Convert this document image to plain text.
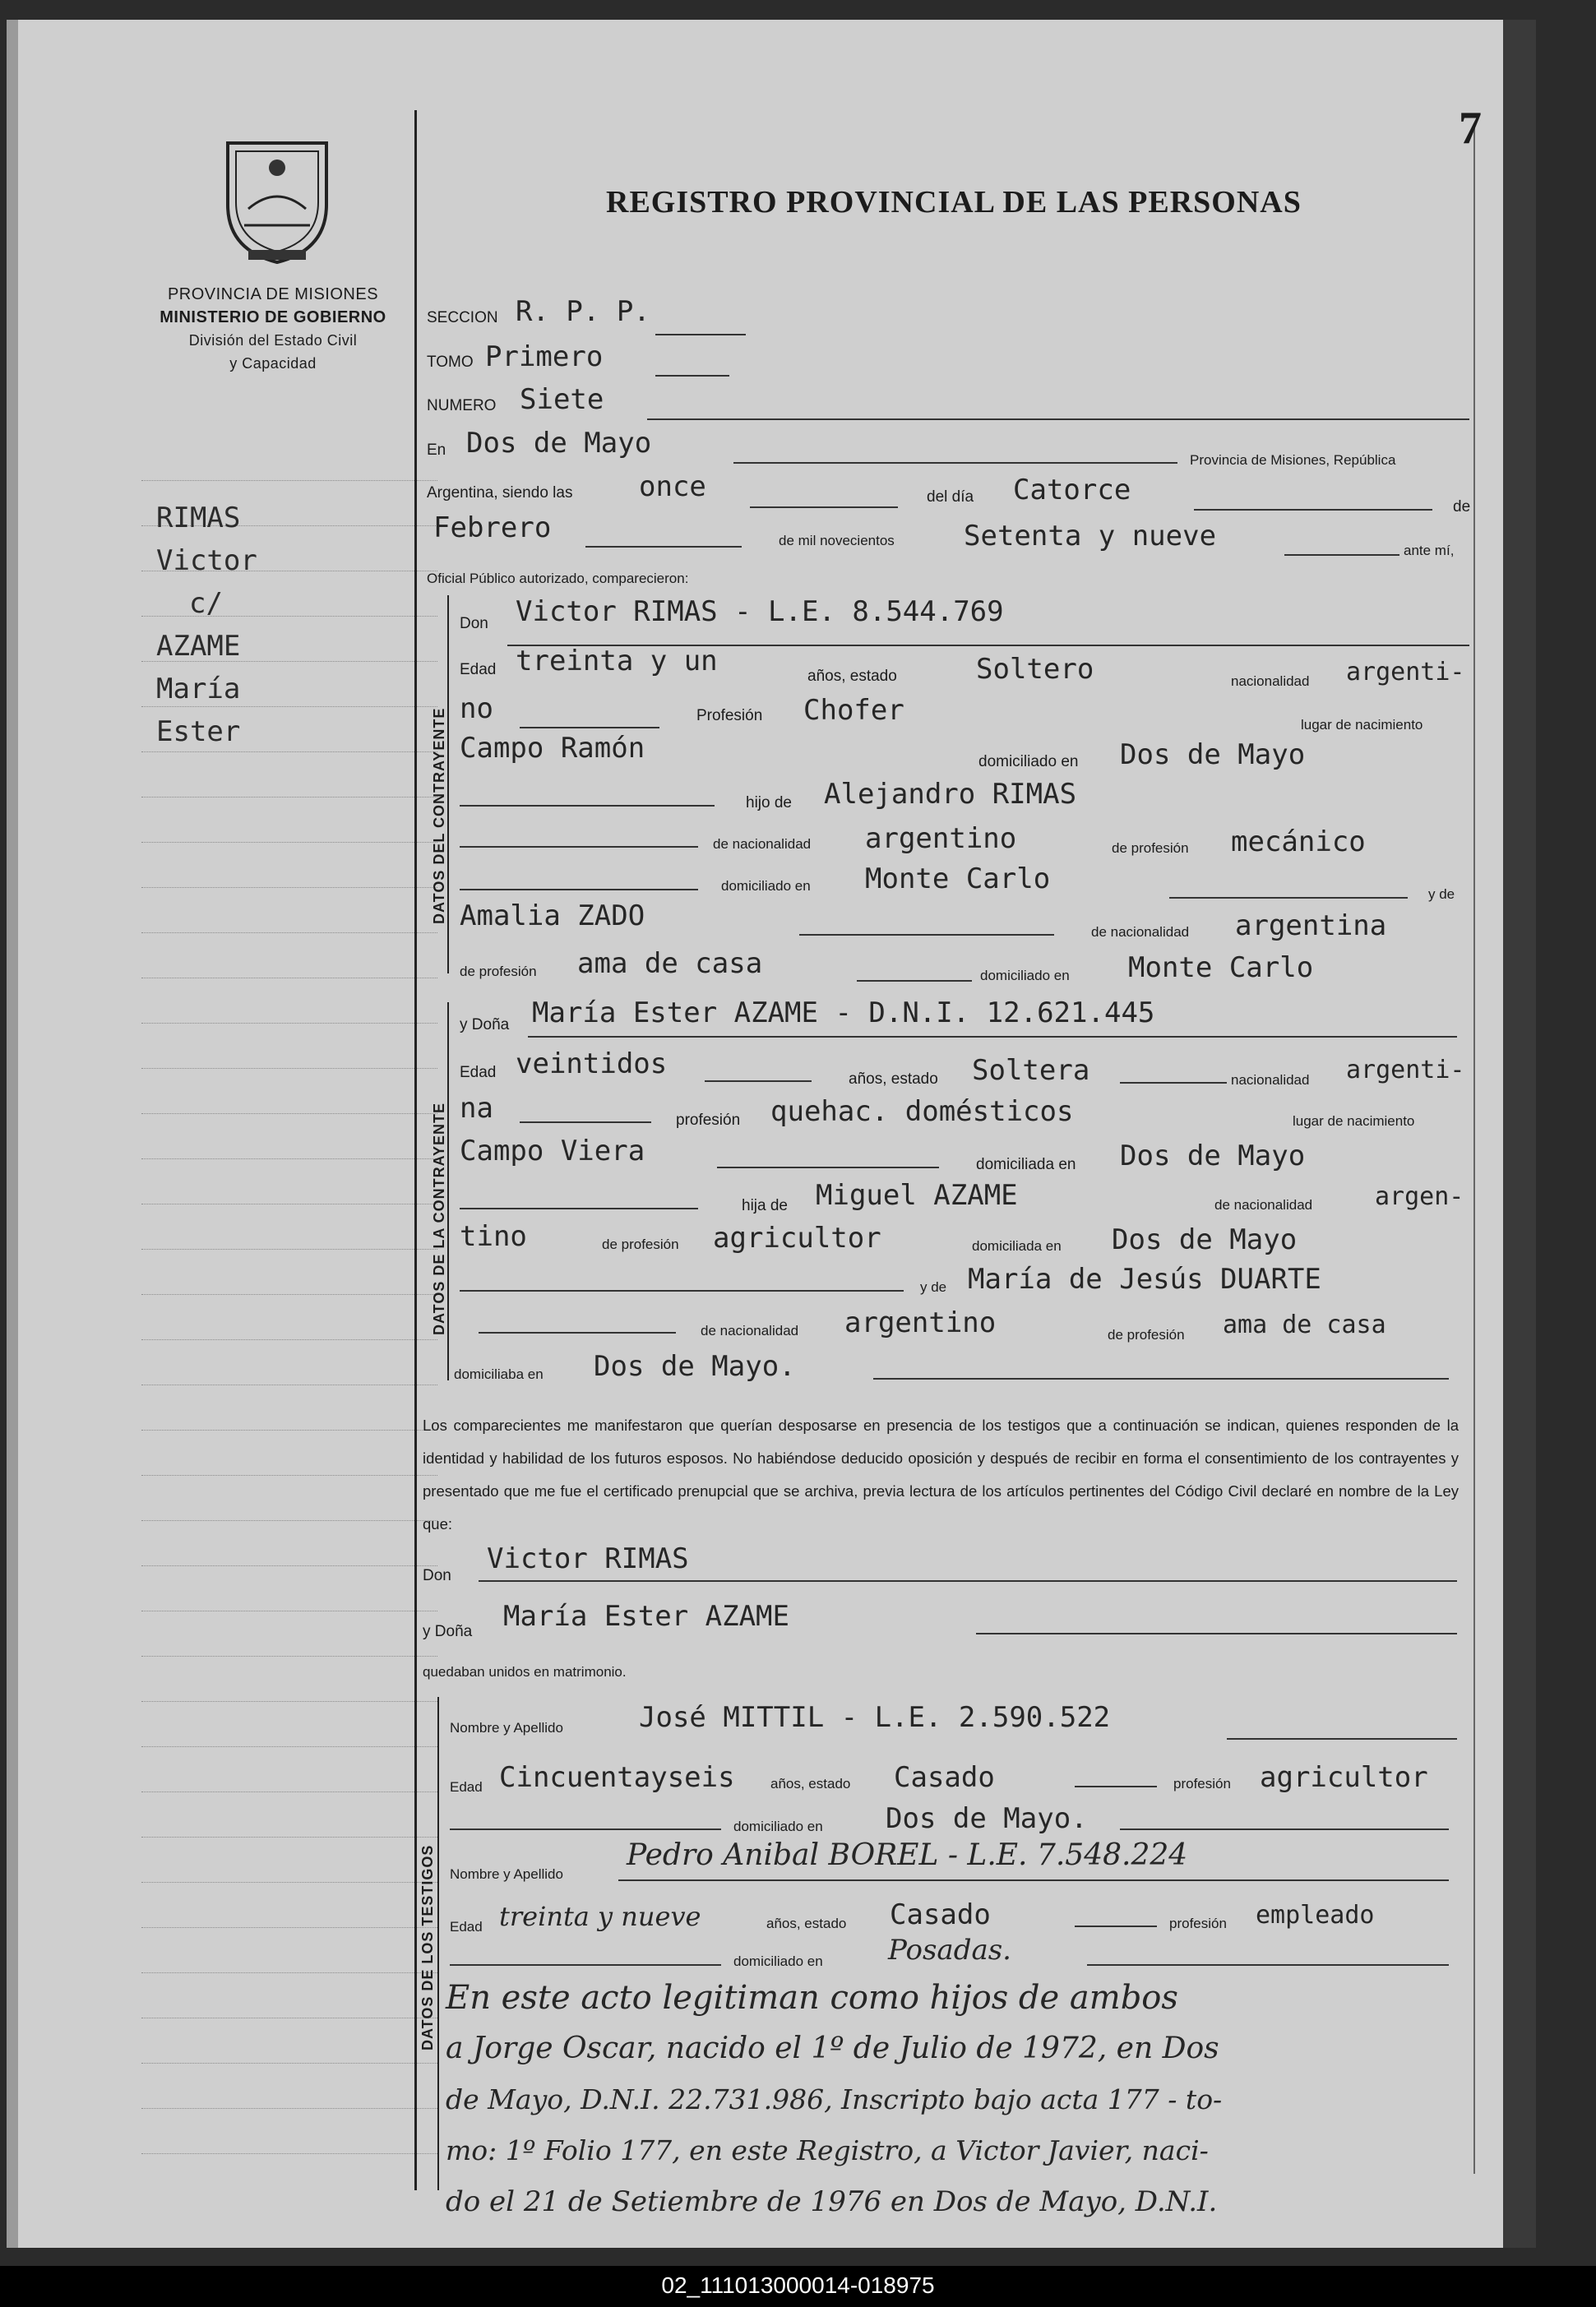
PROVINCIA DE MISIONES
MINISTERIO DE GOBIERNO
División del Estado Civil
y Capacidad
RIMAS
Victor
c/
AZAME
María
Ester
7
REGISTRO PROVINCIAL DE LAS PERSONAS
SECCION R. P. P.
TOMO Primero
NUMERO Siete
En Dos de Mayo
Provincia de Misiones, República
Argentina, siendo las once	del día Catorce
de
Febrero	de mil novecientos Setenta y nueve	ante mí,
Oficial Público autorizado, comparecieron:
DATOS DEL CONTRAYENTE
Don Victor RIMAS - L.E. 8.544.769
Edad treinta y un	años, estado	Soltero	nacionalidad argenti-
no	Profesión Chofer	lugar de nacimiento
Campo Ramón	domiciliado en Dos de Mayo
hijo de Alejandro RIMAS
de nacionalidad argentino	de profesión mecánico
domiciliado en Monte Carlo	y de
Amalia ZADO	de nacionalidad argentina
de profesión ama de casa	domiciliado en Monte Carlo
DATOS DE LA CONTRAYENTE
y Doña María Ester AZAME - D.N.I. 12.621.445
Edad veintidos	años, estado Soltera	nacionalidad argenti-
na	profesión quehac. domésticos	lugar de nacimiento
Campo Viera	domiciliada en Dos de Mayo
hija de Miguel AZAME	de nacionalidad	argen-
tino	de profesión agricultor	domiciliada en Dos de Mayo
y de María de Jesús DUARTE
de nacionalidad argentino	de profesión ama de casa
domiciliaba en Dos de Mayo.
Los comparecientes me manifestaron que querían desposarse en presencia de los testigos que a continuación se indican, quienes responden de la identidad y habilidad de los futuros esposos. No habiéndose deducido oposición y después de recibir en forma el consentimiento de los contrayentes y presentado que me fue el certificado prenupcial que se archiva, previa lectura de los artículos pertinentes del Código Civil declaré en nombre de la Ley que:
Don
Victor RIMAS
y Doña María Ester AZAME
quedaban unidos en matrimonio.
DATOS DE LOS TESTIGOS
Nombre y Apellido	José MITTIL - L.E. 2.590.522
Edad Cincuentayseis	años, estado Casado	profesión agricultor
domiciliado en Dos de Mayo.
Nombre y Apellido
Pedro Anibal BOREL - L.E. 7.548.224
Edad treinta y nueve	años, estado Casado	profesión empleado
domiciliado en Posadas.
En este acto legitiman como hijos de ambos
a Jorge Oscar, nacido el 1º de Julio de 1972, en Dos
de Mayo, D.N.I. 22.731.986, Inscripto bajo acta 177 - to-
mo: 1º Folio 177, en este Registro, a Victor Javier, naci-
do el 21 de Setiembre de 1976 en Dos de Mayo, D.N.I.
02_111013000014-018975
